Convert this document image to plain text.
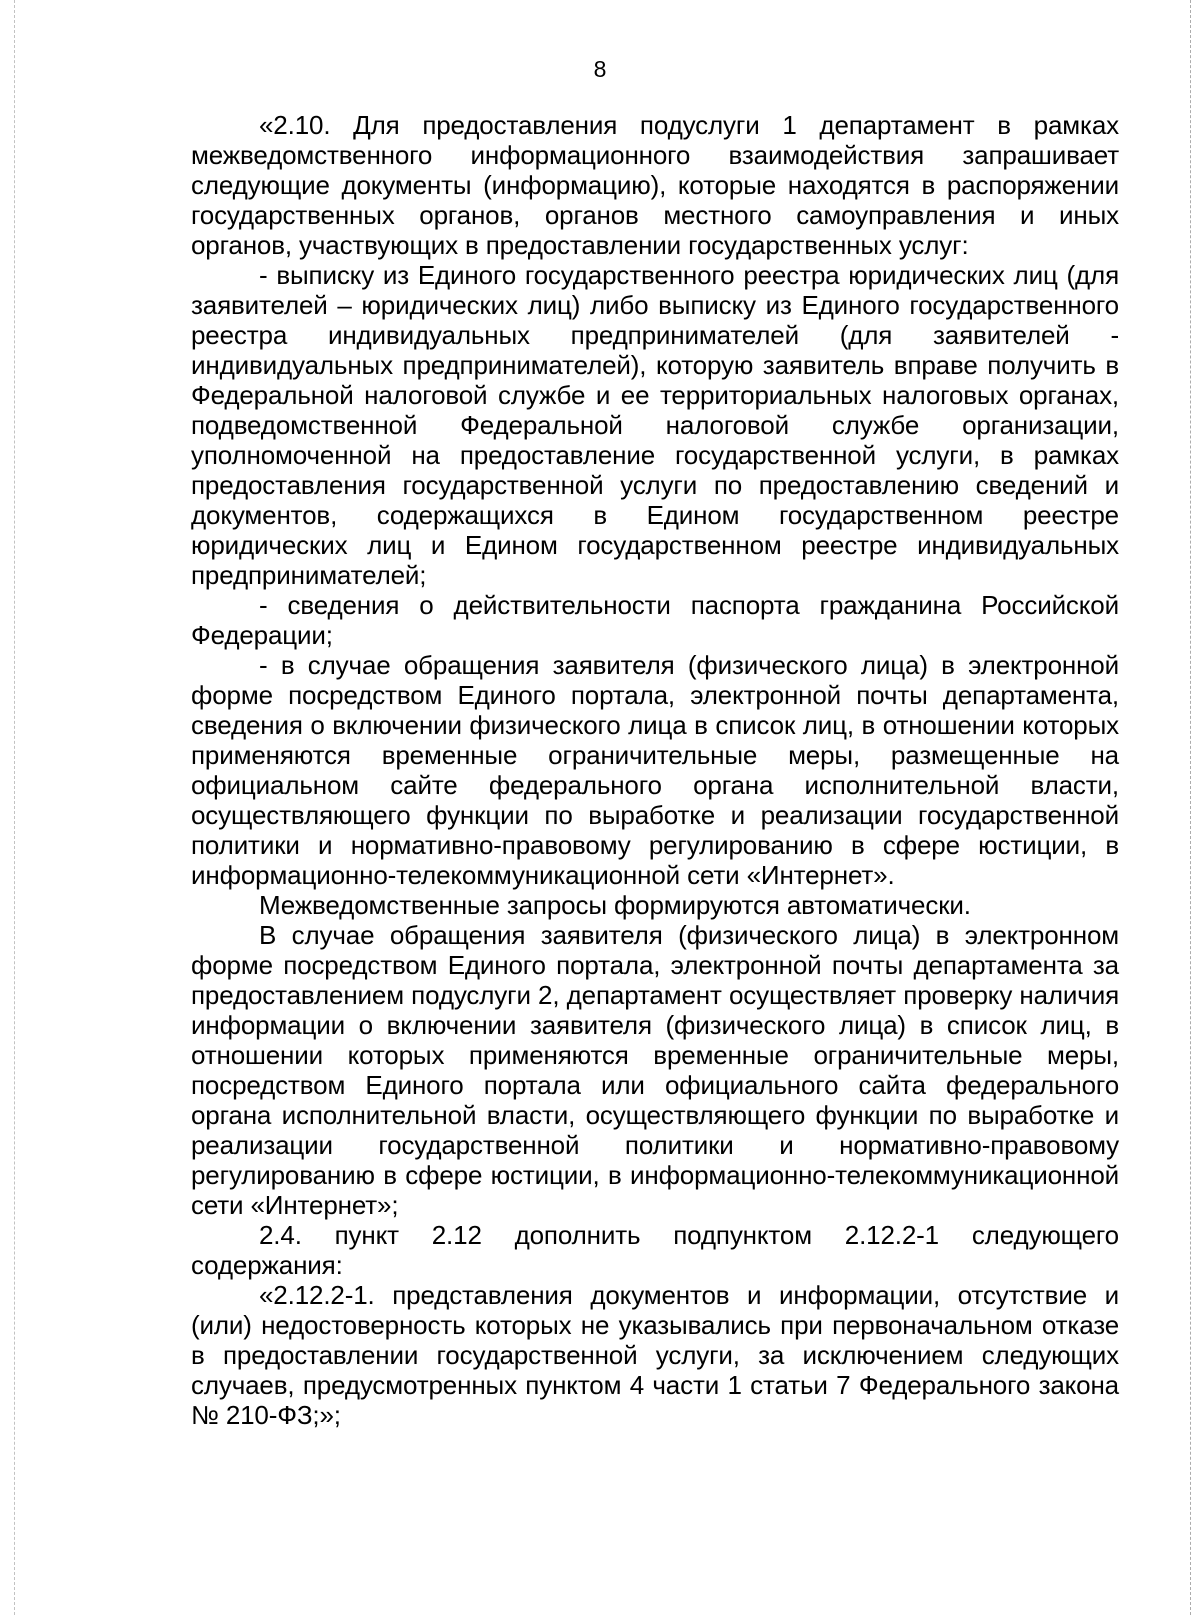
8

«2.10. Для предоставления подуслуги 1 департамент в рамках межведомственного информационного взаимодействия запрашивает следующие документы (информацию), которые находятся в распоряжении государственных органов, органов местного самоуправления и иных органов, участвующих в предоставлении государственных услуг:

- выписку из Единого государственного реестра юридических лиц (для заявителей – юридических лиц) либо выписку из Единого государственного реестра индивидуальных предпринимателей (для заявителей - индивидуальных предпринимателей), которую заявитель вправе получить в Федеральной налоговой службе и ее территориальных налоговых органах, подведомственной Федеральной налоговой службе организации, уполномоченной на предоставление государственной услуги, в рамках предоставления государственной услуги по предоставлению сведений и документов, содержащихся в Едином государственном реестре юридических лиц и Едином государственном реестре индивидуальных предпринимателей;

- сведения о действительности паспорта гражданина Российской Федерации;

- в случае обращения заявителя (физического лица) в электронной форме посредством Единого портала, электронной почты департамента, сведения о включении физического лица в список лиц, в отношении которых применяются временные ограничительные меры, размещенные на официальном сайте федерального органа исполнительной власти, осуществляющего функции по выработке и реализации государственной политики и нормативно-правовому регулированию в сфере юстиции, в информационно-телекоммуникационной сети «Интернет».

Межведомственные запросы формируются автоматически.

В случае обращения заявителя (физического лица) в электронном форме посредством Единого портала, электронной почты департамента за предоставлением подуслуги 2, департамент осуществляет проверку наличия информации о включении заявителя (физического лица) в список лиц, в отношении которых применяются временные ограничительные меры, посредством Единого портала или официального сайта федерального органа исполнительной власти, осуществляющего функции по выработке и реализации государственной политики и нормативно-правовому регулированию в сфере юстиции, в информационно-телекоммуникационной сети «Интернет»;

2.4. пункт 2.12 дополнить подпунктом 2.12.2-1 следующего содержания:

«2.12.2-1. представления документов и информации, отсутствие и (или) недостоверность которых не указывались при первоначальном отказе в предоставлении государственной услуги, за исключением следующих случаев, предусмотренных пунктом 4 части 1 статьи 7 Федерального закона № 210-ФЗ;»;
